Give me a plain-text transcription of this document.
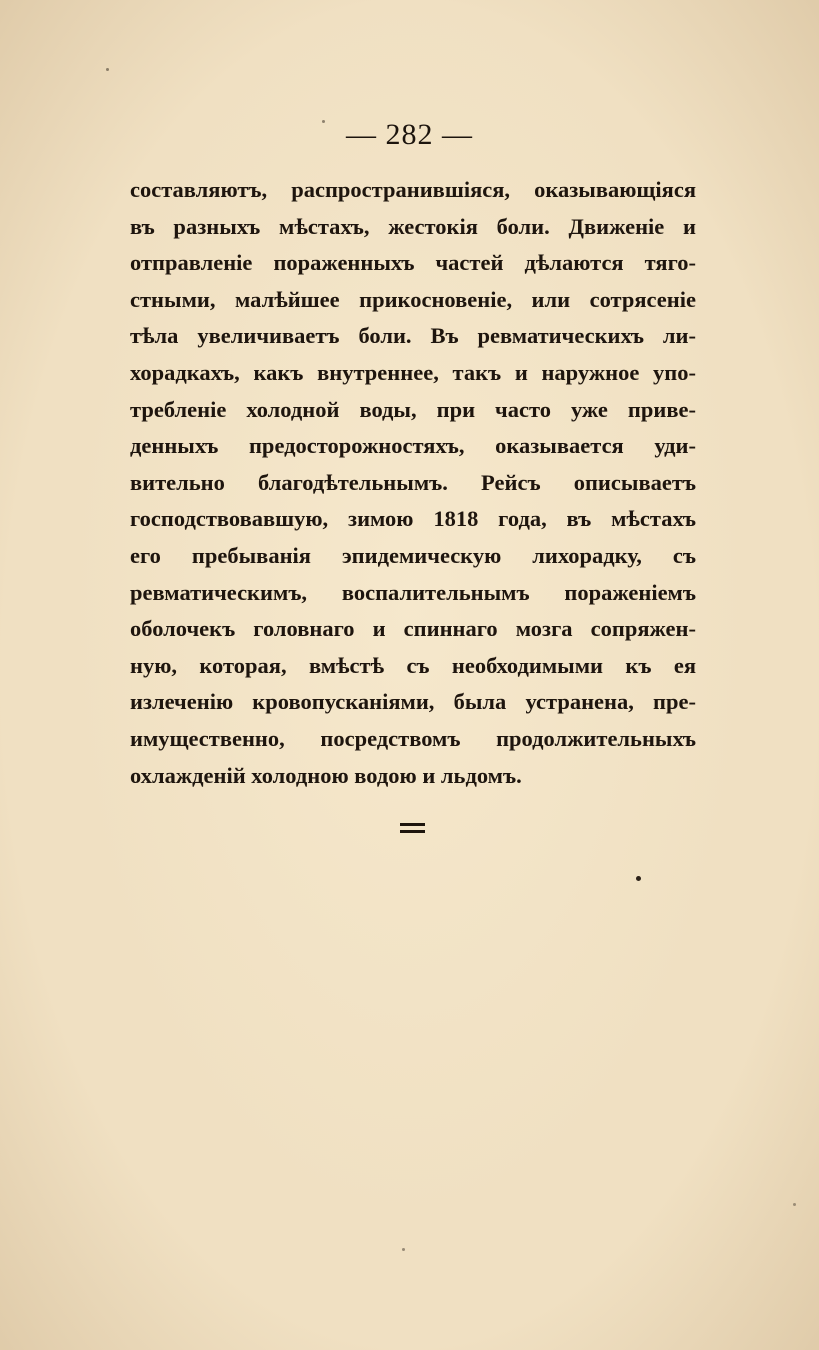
— 282 —
составляютъ, распространившіяся, оказывающіяся
въ разныхъ мѣстахъ, жестокія боли. Движеніе и
отправленіе пораженныхъ частей дѣлаются тяго-
стными, малѣйшее прикосновеніе, или сотрясеніе
тѣла увеличиваетъ боли. Въ ревматическихъ ли-
хорадкахъ, какъ внутреннее, такъ и наружное упо-
требленіе холодной воды, при часто уже приве-
денныхъ предосторожностяхъ, оказывается уди-
вительно благодѣтельнымъ. Рейсъ описываетъ
господствовавшую, зимою 1818 года, въ мѣстахъ
его пребыванія эпидемическую лихорадку, съ
ревматическимъ, воспалительнымъ пораженіемъ
оболочекъ головнаго и спиннаго мозга сопряжен-
ную, которая, вмѣстѣ съ необходимыми къ ея
излеченію кровопусканіями, была устранена, пре-
имущественно, посредствомъ продолжительныхъ
охлажденій холодною водою и льдомъ.
